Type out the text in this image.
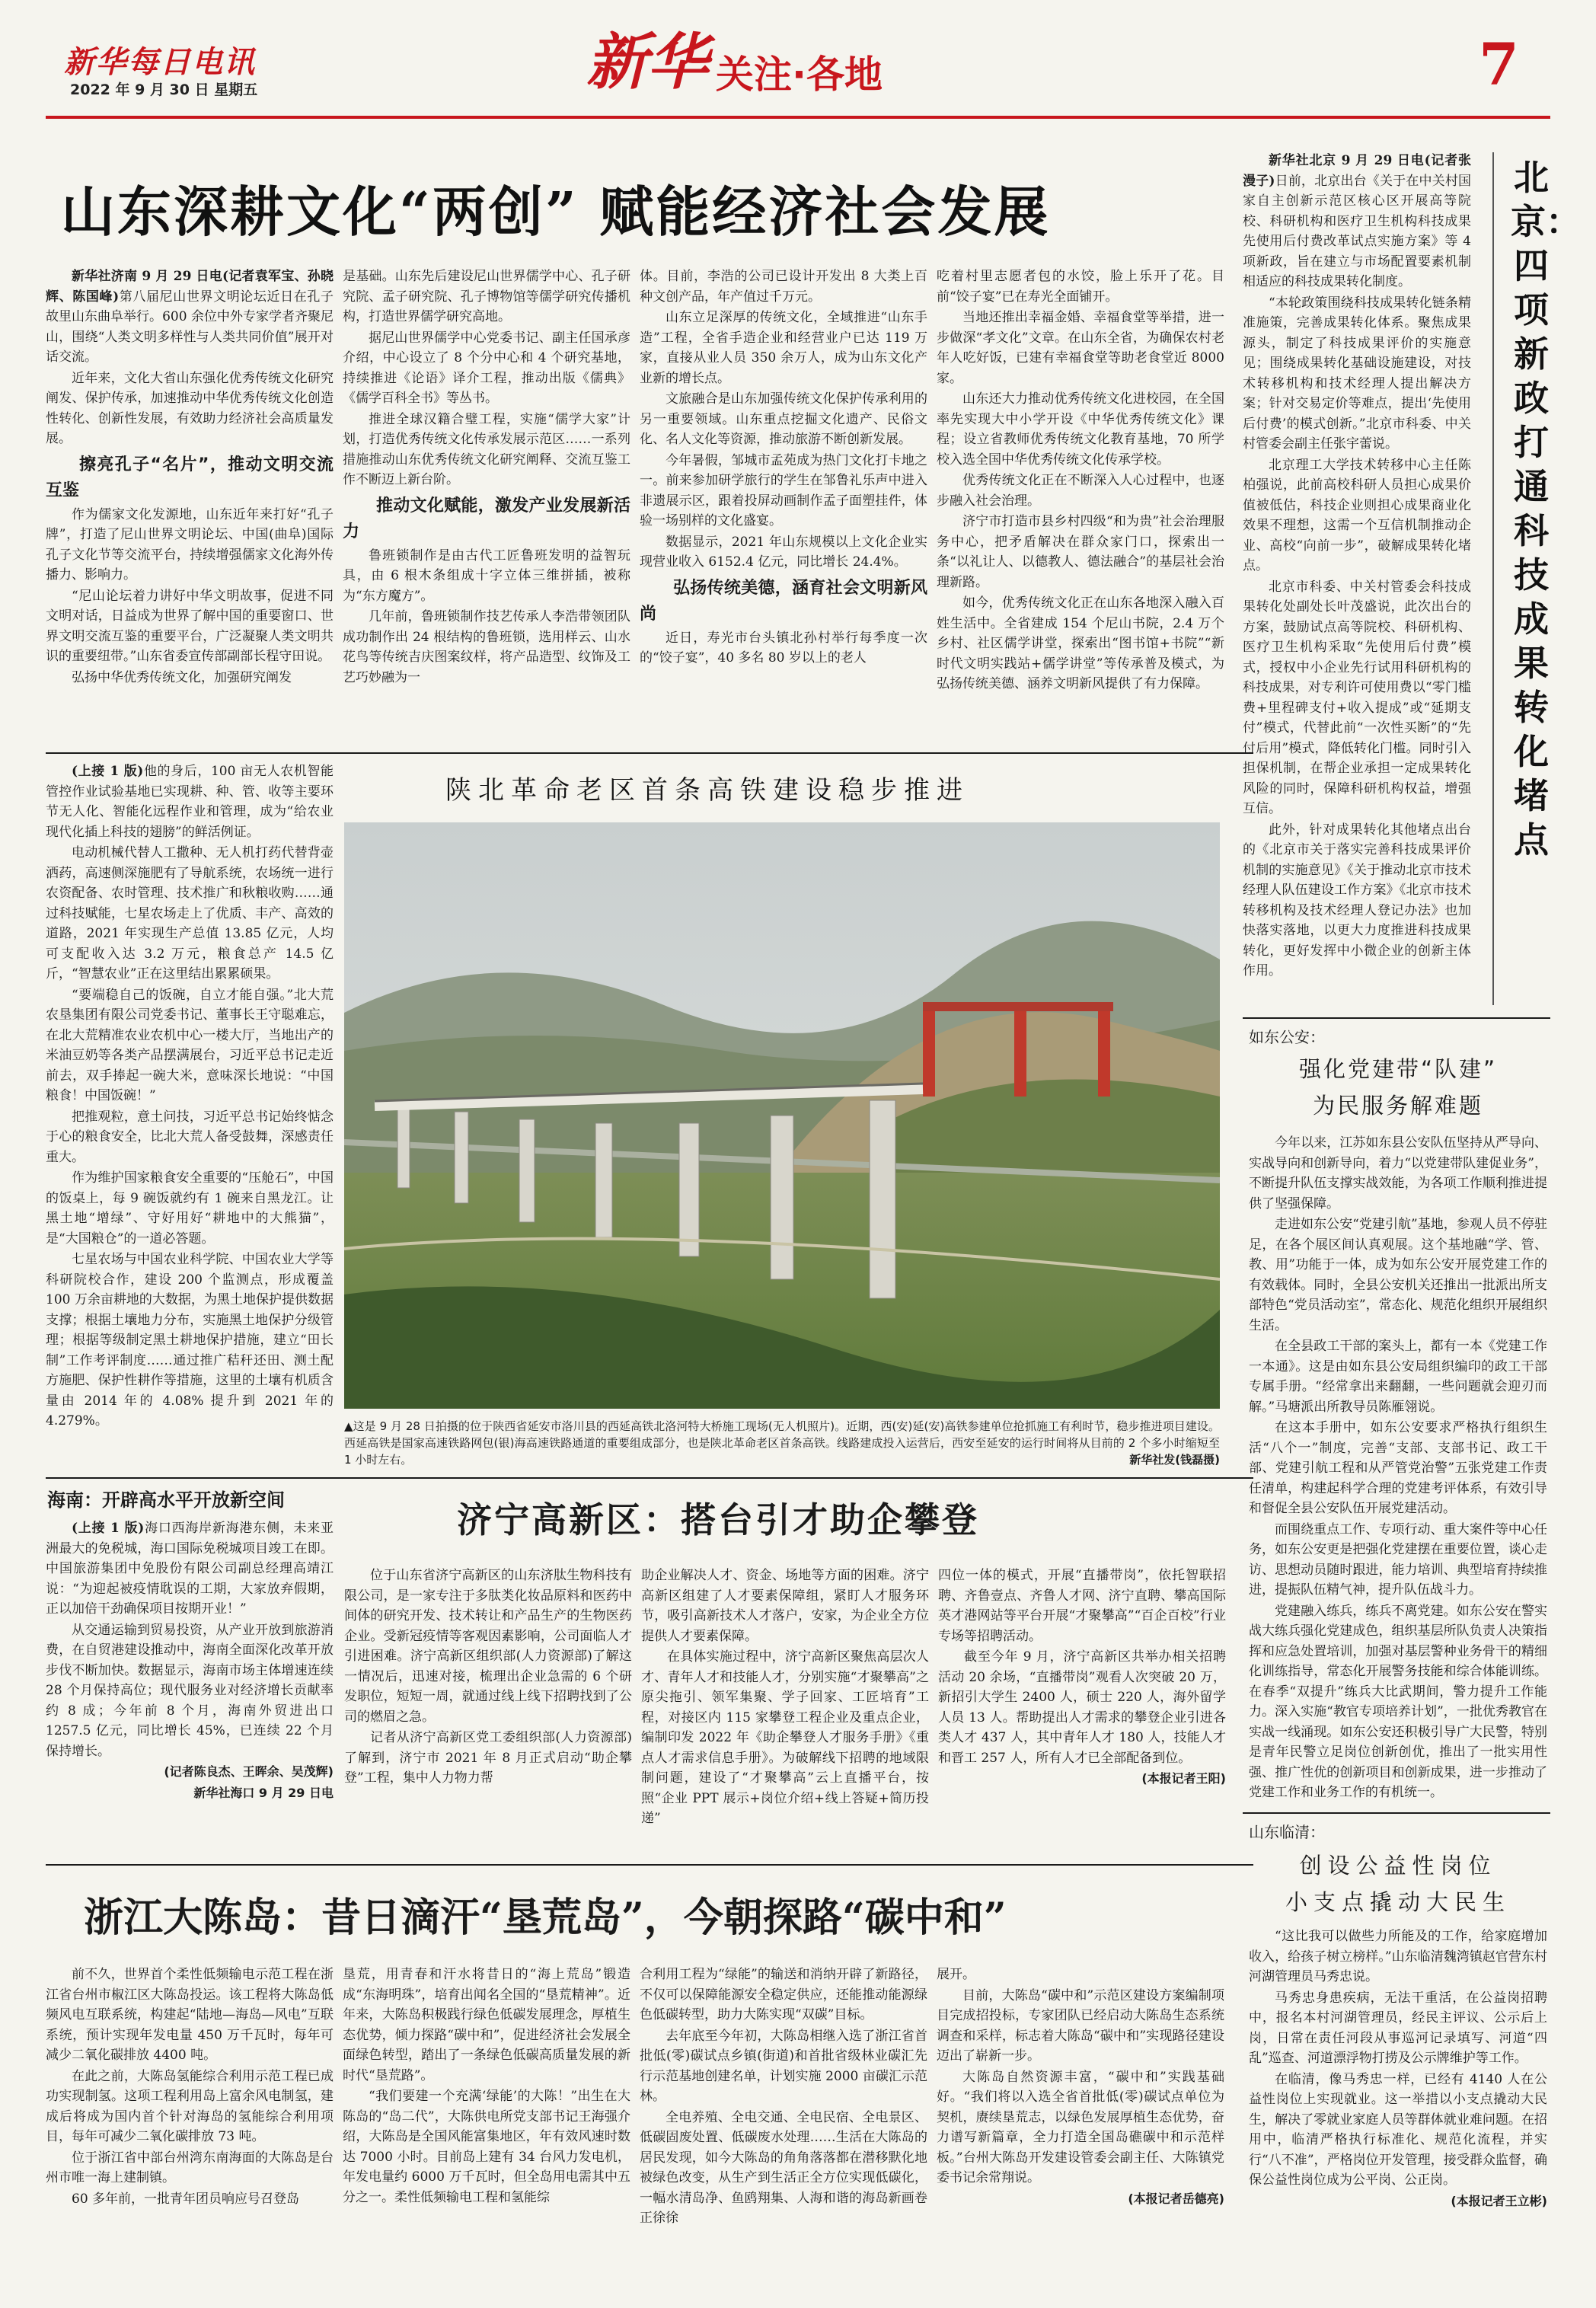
新华每日电讯
2022 年 9 月 30 日 星期五	新华 关注·各地	7
山东深耕文化“两创” 赋能经济社会发展

新华社济南 9 月 29 日电(记者袁军宝、孙晓辉、陈国峰)第八届尼山世界文明论坛近日在孔子故里山东曲阜举行。600 余位中外专家学者齐聚尼山，围绕“人类文明多样性与人类共同价值”展开对话交流。

近年来，文化大省山东强化优秀传统文化研究阐发、保护传承，加速推动中华优秀传统文化创造性转化、创新性发展，有效助力经济社会高质量发展。

擦亮孔子“名片”，推动文明交流互鉴

作为儒家文化发源地，山东近年来打好“孔子牌”，打造了尼山世界文明论坛、中国(曲阜)国际孔子文化节等交流平台，持续增强儒家文化海外传播力、影响力。

“尼山论坛着力讲好中华文明故事，促进不同文明对话，日益成为世界了解中国的重要窗口、世界文明交流互鉴的重要平台，广泛凝聚人类文明共识的重要纽带。”山东省委宣传部副部长程守田说。

弘扬中华优秀传统文化，加强研究阐发

是基础。山东先后建设尼山世界儒学中心、孔子研究院、孟子研究院、孔子博物馆等儒学研究传播机构，打造世界儒学研究高地。

据尼山世界儒学中心党委书记、副主任国承彦介绍，中心设立了 8 个分中心和 4 个研究基地，持续推进《论语》译介工程，推动出版《儒典》《儒学百科全书》等丛书。

推进全球汉籍合璧工程，实施“儒学大家”计划，打造优秀传统文化传承发展示范区……一系列措施推动山东优秀传统文化研究阐释、交流互鉴工作不断迈上新台阶。

推动文化赋能，激发产业发展新活力

鲁班锁制作是由古代工匠鲁班发明的益智玩具，由 6 根木条组成十字立体三维拼插，被称为“东方魔方”。

几年前，鲁班锁制作技艺传承人李浩带领团队成功制作出 24 根结构的鲁班锁，选用样云、山水花鸟等传统吉庆图案纹样，将产品造型、纹饰及工艺巧妙融为一

体。目前，李浩的公司已设计开发出 8 大类上百种文创产品，年产值过千万元。

山东立足深厚的传统文化，全域推进“山东手造”工程，全省手造企业和经营业户已达 119 万家，直接从业人员 350 余万人，成为山东文化产业新的增长点。

文旅融合是山东加强传统文化保护传承利用的另一重要领域。山东重点挖掘文化遗产、民俗文化、名人文化等资源，推动旅游不断创新发展。

今年暑假，邹城市孟苑成为热门文化打卡地之一。前来参加研学旅行的学生在邹鲁礼乐声中进入非遗展示区，跟着投屏动画制作孟子面塑挂件，体验一场别样的文化盛宴。

数据显示，2021 年山东规模以上文化企业实现营业收入 6152.4 亿元，同比增长 24.4%。

弘扬传统美德，涵育社会文明新风尚

近日，寿光市台头镇北孙村举行每季度一次的“饺子宴”，40 多名 80 岁以上的老人

吃着村里志愿者包的水饺，脸上乐开了花。目前“饺子宴”已在寿光全面铺开。

当地还推出幸福金婚、幸福食堂等举措，进一步做深“孝文化”文章。在山东全省，为确保农村老年人吃好饭，已建有幸福食堂等助老食堂近 8000 家。

山东还大力推动优秀传统文化进校园，在全国率先实现大中小学开设《中华优秀传统文化》课程；设立省教师优秀传统文化教育基地，70 所学校入选全国中华优秀传统文化传承学校。

优秀传统文化正在不断深入人心过程中，也逐步融入社会治理。

济宁市打造市县乡村四级“和为贵”社会治理服务中心，把矛盾解决在群众家门口，探索出一条“以礼让人、以德教人、德法融合”的基层社会治理新路。

如今，优秀传统文化正在山东各地深入融入百姓生活中。全省建成 154 个尼山书院，2.4 万个乡村、社区儒学讲堂，探索出“图书馆+书院”“新时代文明实践站+儒学讲堂”等传承普及模式，为弘扬传统美德、涵养文明新风提供了有力保障。

新华社北京 9 月 29 日电(记者张漫子)日前，北京出台《关于在中关村国家自主创新示范区核心区开展高等院校、科研机构和医疗卫生机构科技成果先使用后付费改革试点实施方案》等 4 项新政，旨在建立与市场配置要素机制相适应的科技成果转化制度。

“本轮政策围绕科技成果转化链条精准施策，完善成果转化体系。聚焦成果源头，制定了科技成果评价的实施意见；围绕成果转化基础设施建设，对技术转移机构和技术经理人提出解决方案；针对交易定价等难点，提出‘先使用后付费’的模式创新。”北京市科委、中关村管委会副主任张宇蕾说。

北京理工大学技术转移中心主任陈柏强说，此前高校科研人员担心成果价值被低估，科技企业则担心成果商业化效果不理想，这需一个互信机制推动企业、高校“向前一步”，破解成果转化堵点。

北京市科委、中关村管委会科技成果转化处副处长叶茂盛说，此次出台的方案，鼓励试点高等院校、科研机构、医疗卫生机构采取“先使用后付费”模式，授权中小企业先行试用科研机构的科技成果，对专利许可使用费以“零门槛费+里程碑支付+收入提成”或“延期支付”模式，代替此前“一次性买断”的“先付后用”模式，降低转化门槛。同时引入担保机制，在帮企业承担一定成果转化风险的同时，保障科研机构权益，增强互信。

此外，针对成果转化其他堵点出台的《北京市关于落实完善科技成果评价机制的实施意见》《关于推动北京市技术经理人队伍建设工作方案》《北京市技术转移机构及技术经理人登记办法》也加快落实落地，以更大力度推进科技成果转化，更好发挥中小微企业的创新主体作用。

北京：四项新政打通科技成果转化堵点

(上接 1 版)他的身后，100 亩无人农机智能管控作业试验基地已实现耕、种、管、收等主要环节无人化、智能化远程作业和管理，成为“给农业现代化插上科技的翅膀”的鲜活例证。

电动机械代替人工撒种、无人机打药代替背壶洒药，高速侧深施肥有了导航系统，农场统一进行农资配备、农时管理、技术推广和秋粮收购……通过科技赋能，七星农场走上了优质、丰产、高效的道路，2021 年实现生产总值 13.85 亿元，人均可支配收入达 3.2 万元，粮食总产 14.5 亿斤，“智慧农业”正在这里结出累累硕果。

“要端稳自己的饭碗，自立才能自强。”北大荒农垦集团有限公司党委书记、董事长王守聪难忘，在北大荒精准农业农机中心一楼大厅，当地出产的米油豆奶等各类产品摆满展台，习近平总书记走近前去，双手捧起一碗大米，意味深长地说：“中国粮食！中国饭碗！”

把推观粒，意土问技，习近平总书记始终惦念于心的粮食安全，比北大荒人备受鼓舞，深感责任重大。

作为维护国家粮食安全重要的“压舱石”，中国的饭桌上，每 9 碗饭就约有 1 碗来自黑龙江。让黑土地“增绿”、守好用好“耕地中的大熊猫”，是“大国粮仓”的一道必答题。

七星农场与中国农业科学院、中国农业大学等科研院校合作，建设 200 个监测点，形成覆盖 100 万余亩耕地的大数据，为黑土地保护提供数据支撑；根据土壤地力分布，实施黑土地保护分级管理；根据等级制定黑土耕地保护措施，建立“田长制”工作考评制度……通过推广秸秆还田、测土配方施肥、保护性耕作等措施，这里的土壤有机质含量由 2014 年的 4.08% 提升到 2021 年的 4.279%。

陕北革命老区首条高铁建设稳步推进
▲这是 9 月 28 日拍摄的位于陕西省延安市洛川县的西延高铁北洛河特大桥施工现场(无人机照片)。近期，西(安)延(安)高铁参建单位抢抓施工有利时节，稳步推进项目建设。西延高铁是国家高速铁路网包(银)海高速铁路通道的重要组成部分，也是陕北革命老区首条高铁。线路建成投入运营后，西安至延安的运行时间将从目前的 2 个多小时缩短至 1 小时左右。	新华社发(钱磊摄)
如东公安：
强化党建带“队建”
为民服务解难题

今年以来，江苏如东县公安队伍坚持从严导向、实战导向和创新导向，着力“以党建带队建促业务”，不断提升队伍支撑实战效能，为各项工作顺利推进提供了坚强保障。

走进如东公安“党建引航”基地，参观人员不停驻足，在各个展区间认真观展。这个基地融“学、管、教、用”功能于一体，成为如东公安开展党建工作的有效载体。同时，全县公安机关还推出一批派出所支部特色“党员活动室”，常态化、规范化组织开展组织生活。

在全县政工干部的案头上，都有一本《党建工作一本通》。这是由如东县公安局组织编印的政工干部专属手册。“经常拿出来翻翻，一些问题就会迎刃而解。”马塘派出所教导员陈雁翎说。

在这本手册中，如东公安要求严格执行组织生活“八个一”制度，完善“支部、支部书记、政工干部、党建引航工程和从严管党治警”五张党建工作责任清单，构建起科学合理的党建考评体系，有效引导和督促全县公安队伍开展党建活动。

而围绕重点工作、专项行动、重大案件等中心任务，如东公安更是把强化党建摆在重要位置，谈心走访、思想动员随时跟进，能力培训、典型培育持续推进，提振队伍精气神，提升队伍战斗力。

党建融入练兵，练兵不离党建。如东公安在警实战大练兵强化党建成色，组织基层所队负责人决策指挥和应急处置培训，加强对基层警种业务骨干的精细化训练指导，常态化开展警务技能和综合体能训练。在春季“双提升”练兵大比武期间，警力提升工作能力。深入实施“教官专项培养计划”，一批优秀教官在实战一线涌现。如东公安还积极引导广大民警，特别是青年民警立足岗位创新创优，推出了一批实用性强、推广性优的创新项目和创新成果，进一步推动了党建工作和业务工作的有机统一。

海南：开辟高水平开放新空间

(上接 1 版)海口西海岸新海港东侧，未来亚洲最大的免税城，海口国际免税城项目竣工在即。中国旅游集团中免股份有限公司副总经理高靖江说：“为迎起被疫情耽误的工期，大家放弃假期，正以加倍干劲确保项目按期开业！”

从交通运输到贸易投资，从产业开放到旅游消费，在自贸港建设推动中，海南全面深化改革开放步伐不断加快。数据显示，海南市场主体增速连续 28 个月保持高位；现代服务业对经济增长贡献率约 8 成；今年前 8 个月，海南外贸进出口 1257.5 亿元，同比增长 45%，已连续 22 个月保持增长。

(记者陈良杰、王晖余、吴茂辉)

新华社海口 9 月 29 日电

济宁高新区：搭台引才助企攀登

位于山东省济宁高新区的山东济肽生物科技有限公司，是一家专注于多肽类化妆品原料和医药中间体的研究开发、技术转让和产品生产的生物医药企业。受新冠疫情等客观因素影响，公司面临人才引进困难。济宁高新区组织部(人力资源部)了解这一情况后，迅速对接，梳理出企业急需的 6 个研发职位，短短一周，就通过线上线下招聘找到了公司的燃眉之急。

记者从济宁高新区党工委组织部(人力资源部)了解到，济宁市 2021 年 8 月正式启动“助企攀登”工程，集中人力物力帮

助企业解决人才、资金、场地等方面的困难。济宁高新区组建了人才要素保障组，紧盯人才服务环节，吸引高新技术人才落户，安家，为企业全方位提供人才要素保障。

在具体实施过程中，济宁高新区聚焦高层次人才、青年人才和技能人才，分别实施“才聚攀高”之原尖拖引、领军集聚、学子回家、工匠培育”工程，对接区内 115 家攀登工程企业及重点企业，编制印发 2022 年《助企攀登人才服务手册》《重点人才需求信息手册》。为破解线下招聘的地域限制问题，建设了“才聚攀高”云上直播平台，按照“企业 PPT 展示+岗位介绍+线上答疑+简历投递”

四位一体的模式，开展“直播带岗”，依托智联招聘、齐鲁壹点、齐鲁人才网、济宁直聘、攀高国际英才港网站等平台开展“才聚攀高”“百企百校”行业专场等招聘活动。

截至今年 9 月，济宁高新区共举办相关招聘活动 20 余场，“直播带岗”观看人次突破 20 万，新招引大学生 2400 人，硕士 220 人，海外留学人员 13 人。帮助提出人才需求的攀登企业引进各类人才 437 人，其中青年人才 180 人，技能人才和晋工 257 人，所有人才已全部配备到位。

(本报记者王阳)

浙江大陈岛：昔日滴汗“垦荒岛”，今朝探路“碳中和”

前不久，世界首个柔性低频输电示范工程在浙江省台州市椒江区大陈岛投运。该工程将大陈岛低频风电互联系统，构建起“陆地—海岛—风电”互联系统，预计实现年发电量 450 万千瓦时，每年可减少二氧化碳排放 4400 吨。

在此之前，大陈岛氢能综合利用示范工程已成功实现制氢。这项工程利用岛上富余风电制氢，建成后将成为国内首个针对海岛的氢能综合利用项目，每年可减少二氧化碳排放 73 吨。

位于浙江省中部台州湾东南海面的大陈岛是台州市唯一海上建制镇。

60 多年前，一批青年团员响应号召登岛

垦荒，用青春和汗水将昔日的“海上荒岛”锻造成“东海明珠”，培育出闻名全国的“垦荒精神”。近年来，大陈岛积极践行绿色低碳发展理念，厚植生态优势，倾力探路“碳中和”，促进经济社会发展全面绿色转型，踏出了一条绿色低碳高质量发展的新时代“垦荒路”。

“我们要建一个充满‘绿能’的大陈！”出生在大陈岛的“岛二代”，大陈供电所党支部书记王海强介绍，大陈岛是全国风能富集地区，年有效风速时数达 7000 小时。目前岛上建有 34 台风力发电机，年发电量约 6000 万千瓦时，但全岛用电需其中五分之一。柔性低频输电工程和氢能综

合利用工程为“绿能”的输送和消纳开辟了新路径，不仅可以保障能源安全稳定供应，还能推动能源绿色低碳转型，助力大陈实现“双碳”目标。

去年底至今年初，大陈岛相继入选了浙江省首批低(零)碳试点乡镇(街道)和首批省级林业碳汇先行示范基地创建名单，计划实施 2000 亩碳汇示范林。

全电养殖、全电交通、全电民宿、全电景区、低碳固废处置、低碳废水处理……生活在大陈岛的居民发现，如今大陈岛的角角落落都在潜移默化地被绿色改变，从生产到生活正全方位实现低碳化，一幅水清岛净、鱼鸥翔集、人海和谐的海岛新画卷正徐徐

展开。

目前，大陈岛“碳中和”示范区建设方案编制项目完成招投标，专家团队已经启动大陈岛生态系统调查和采样，标志着大陈岛“碳中和”实现路径建设迈出了崭新一步。

大陈岛自然资源丰富，“碳中和”实践基础好。“我们将以入选全省首批低(零)碳试点单位为契机，赓续垦荒志，以绿色发展厚植生态优势，奋力谱写新篇章，全力打造全国岛礁碳中和示范样板。”台州大陈岛开发建设管委会副主任、大陈镇党委书记余常翔说。

(本报记者岳德亮)

山东临清：
创设公益性岗位
小支点撬动大民生

“这比我可以做些力所能及的工作，给家庭增加收入，给孩子树立榜样。”山东临清魏湾镇赵官营东村河湖管理员马秀忠说。

马秀忠身患疾病，无法干重活，在公益岗招聘中，报名本村河湖管理员，经民主评议、公示后上岗，日常在责任河段从事巡河记录填写、河道“四乱”巡查、河道漂浮物打捞及公示牌维护等工作。

在临清，像马秀忠一样，已经有 4140 人在公益性岗位上实现就业。这一举措以小支点撬动大民生，解决了零就业家庭人员等群体就业难问题。在招用中，临清严格执行标准化、规范化流程，并实行“八不准”，严格岗位开发管理，接受群众监督，确保公益性岗位成为公平岗、公正岗。

(本报记者王立彬)
